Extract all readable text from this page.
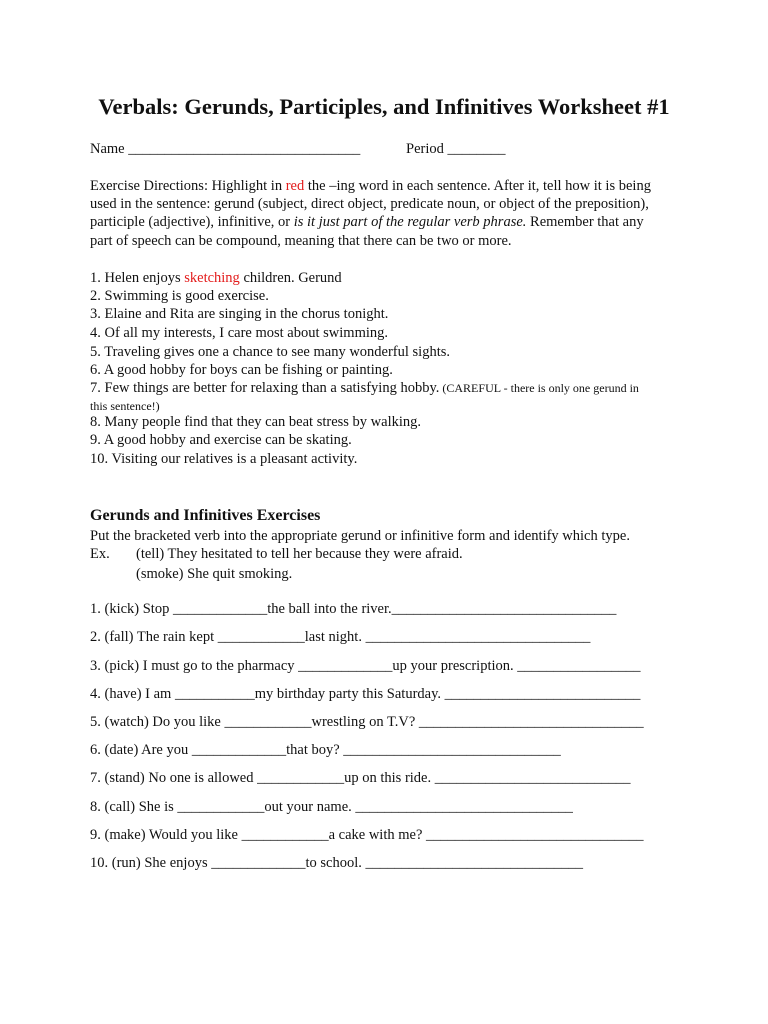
Verbals: Gerunds, Participles, and Infinitives Worksheet #1
Name ________________________________	Period ________
Exercise Directions: Highlight in red the –ing word in each sentence. After it, tell how it is being
used in the sentence: gerund (subject, direct object, predicate noun, or object of the preposition),
participle (adjective), infinitive, or is it just part of the regular verb phrase. Remember that any
part of speech can be compound, meaning that there can be two or more.
1. Helen enjoys sketching children. Gerund
2. Swimming is good exercise.
3. Elaine and Rita are singing in the chorus tonight.
4. Of all my interests, I care most about swimming.
5. Traveling gives one a chance to see many wonderful sights.
6. A good hobby for boys can be fishing or painting.
7. Few things are better for relaxing than a satisfying hobby. (CAREFUL - there is only one gerund in
this sentence!)
8. Many people find that they can beat stress by walking.
9. A good hobby and exercise can be skating.
10. Visiting our relatives is a pleasant activity.
Gerunds and Infinitives Exercises
Put the bracketed verb into the appropriate gerund or infinitive form and identify which type.
Ex. (tell) They hesitated to tell her because they were afraid.
(smoke) She quit smoking.
1. (kick) Stop _____________the ball into the river._______________________________
2. (fall) The rain kept ____________last night. _______________________________
3. (pick) I must go to the pharmacy _____________up your prescription. _________________
4. (have) I am ___________my birthday party this Saturday. ___________________________
5. (watch) Do you like ____________wrestling on T.V? _______________________________
6. (date) Are you _____________that boy? ______________________________
7. (stand) No one is allowed ____________up on this ride. ___________________________
8. (call) She is ____________out your name. ______________________________
9. (make) Would you like ____________a cake with me? ______________________________
10. (run) She enjoys _____________to school. ______________________________
